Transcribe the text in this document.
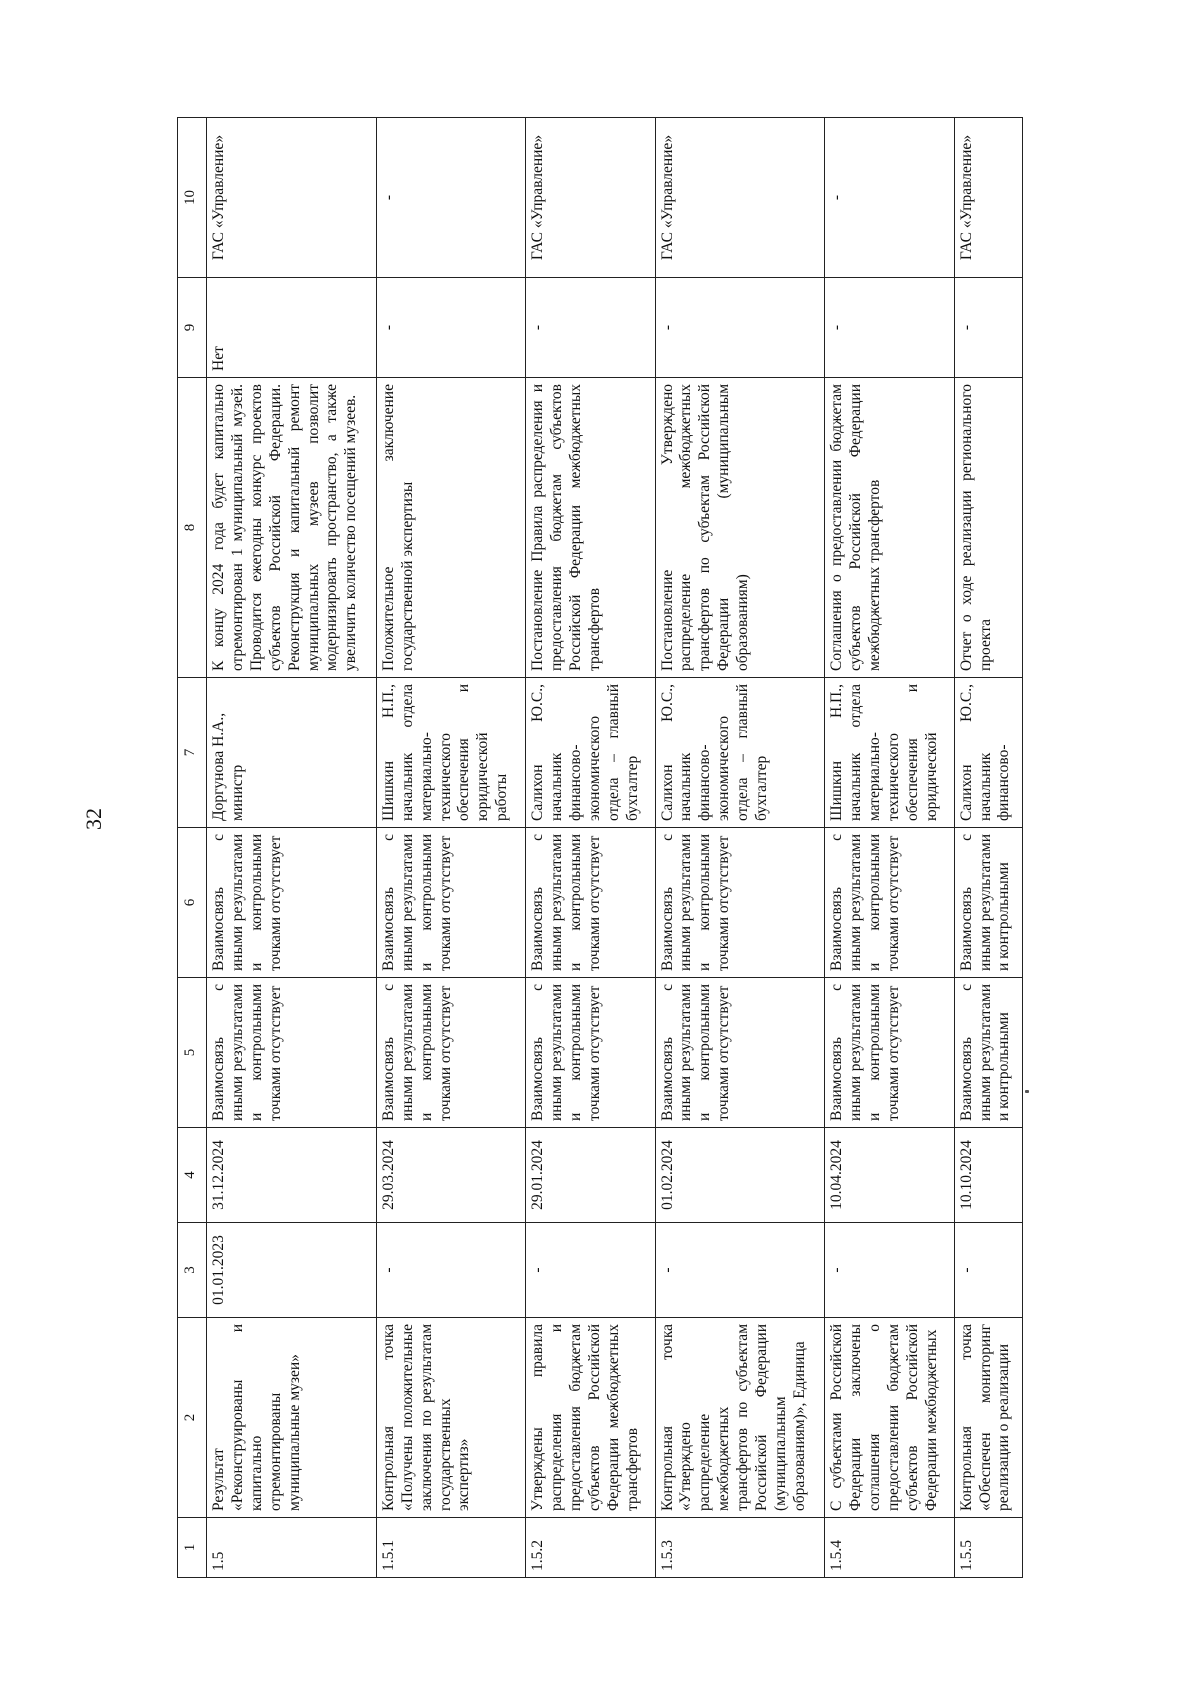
32
1	2	3	4	5	6	7	8	9	10
1.5	Результат «Реконструированы и капитально отремонтированы муниципальные музеи»	01.01.2023	31.12.2024	Взаимосвязь с иными результатами и контрольными точками отсутствует	Взаимосвязь с иными результатами и контрольными точками отсутствует	Доргунова Н.А., министр	К концу 2024 года будет капитально отремонтирован 1 муниципальный музей. Проводится ежегодны конкурс проектов субъектов Российской Федерации. Реконструкция и капитальный ремонт муниципальных музеев позволит модернизировать пространство, а также увеличить количество посещений музеев.	Нет	ГАС «Управление»
1.5.1	Контрольная точка «Получены положительные заключения по результатам государственных экспертиз»	-	29.03.2024	Взаимосвязь с иными результатами и контрольными точками отсутствует	Взаимосвязь с иными результатами и контрольными точками отсутствует	Шишкин Н.П., начальник отдела материально-технического обеспечения и юридической работы	Положительное заключение государственной экспертизы	-	-
1.5.2	Утверждены правила распределения и предоставления бюджетам субъектов Российской Федерации межбюджетных трансфертов	-	29.01.2024	Взаимосвязь с иными результатами и контрольными точками отсутствует	Взаимосвязь с иными результатами и контрольными точками отсутствует	Салихон Ю.С., начальник финансово-экономического отдела – главный бухгалтер	Постановление Правила распределения и предоставления бюджетам субъектов Российской Федерации межбюджетных трансфертов	-	ГАС «Управление»
1.5.3	Контрольная точка «Утверждено распределение межбюджетных трансфертов по субъектам Российской Федерации (муниципальным образованиям)», Единица	-	01.02.2024	Взаимосвязь с иными результатами и контрольными точками отсутствует	Взаимосвязь с иными результатами и контрольными точками отсутствует	Салихон Ю.С., начальник финансово-экономического отдела – главный бухгалтер	Постановление Утверждено распределение межбюджетных трансфертов по субъектам Российской Федерации (муниципальным образованиям)	-	ГАС «Управление»
1.5.4	С субъектами Российской Федерации заключены соглашения о предоставлении бюджетам субъектов Российской Федерации межбюджетных	-	10.04.2024	Взаимосвязь с иными результатами и контрольными точками отсутствует	Взаимосвязь с иными результатами и контрольными точками отсутствует	Шишкин Н.П., начальник отдела материально-технического обеспечения и юридической	Соглашения о предоставлении бюджетам субъектов Российской Федерации межбюджетных трансфертов	-	-
1.5.5	Контрольная точка «Обеспечен мониторинг реализации о реализации	-	10.10.2024	Взаимосвязь с иными результатами и контрольными	Взаимосвязь с иными результатами и контрольными	Салихон Ю.С., начальник финансово-	Отчет о ходе реализации регионального проекта	-	ГАС «Управление»
